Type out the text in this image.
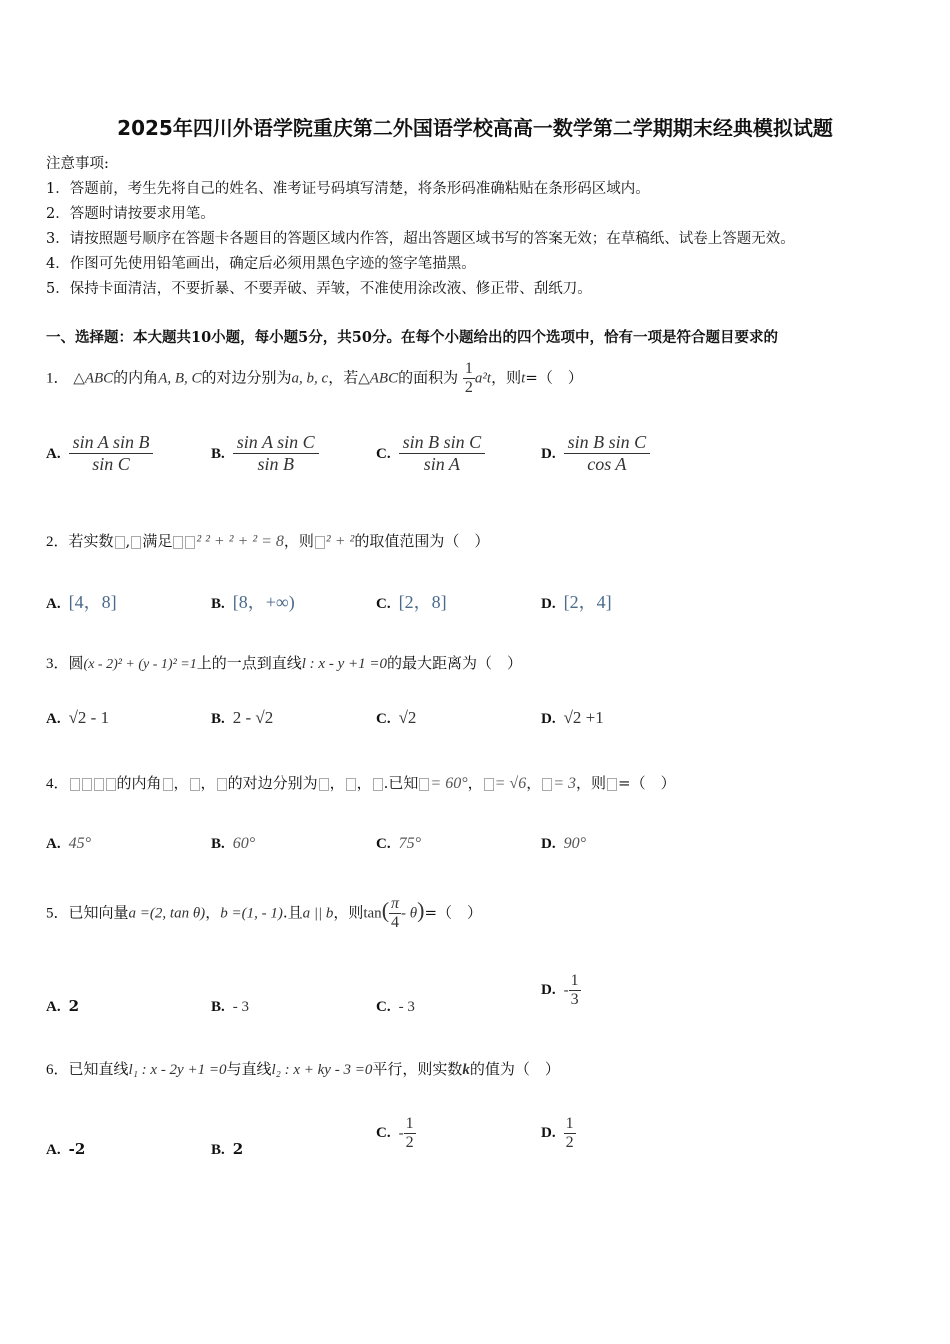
2025年四川外语学院重庆第二外国语学校高高一数学第二学期期末经典模拟试题
注意事项:
1．答题前，考生先将自己的姓名、准考证号码填写清楚，将条形码准确粘贴在条形码区域内。
2．答题时请按要求用笔。
3．请按照题号顺序在答题卡各题目的答题区域内作答，超出答题区域书写的答案无效；在草稿纸、试卷上答题无效。
4．作图可先使用铅笔画出，确定后必须用黑色字迹的签字笔描黑。
5．保持卡面清洁，不要折暴、不要弄破、弄皱，不准使用涂改液、修正带、刮纸刀。
一、选择题：本大题共10小题，每小题5分，共50分。在每个小题给出的四个选项中，恰有一项是符合题目要求的
1． △ABC的内角A, B, C的对边分别为a, b, c，若△ABC的面积为 $\frac{1}{2} a^2t$，则t=（　）
A. $\frac{\text{sin A sin B}}{\text{sin C}}$	B. $\frac{\text{sin A sin C}}{\text{sin B}}$	C. $\frac{\text{sin B sin C}}{\text{sin A}}$	D. $\frac{\text{sin B sin C}}{\text{cos A}}$
2．若实数 , 满足 ² ² + ² + ² = 8，则 ² + ²的取值范围为（　）
A. [4，8]	B. [8，+∞)	C. [2，8]	D. [2，4]
3．圆(x - 2)² + (y - 1)² =1上的一点到直线l : x - y +1 =0的最大距离为（　）
A. √2 - 1	B. 2 - √2	C. √2	D. √2 +1
4．	的内角 ， ， 的对边分别为 ， ， .已知 = 60°， = √6， = 3，则 =（　）
A. 45°	B. 60°	C. 75°	D. 90°
5．已知向量a =(2, tan θ)，b =(1, - 1).且a || b，则$\tan( \frac{\pi}{4} - \theta)=$（　）
A. 2	B. - 3	C. - 3
D. - $\frac{1}{3}$
6．已知直线l₁ : x - 2y +1 =0与直线l₂ : x + ky - 3 =0平行，则实数k的值为（　）
A. -2	B. 2
C. - $\frac{1}{2}$	D. $\frac{1}{2}$
